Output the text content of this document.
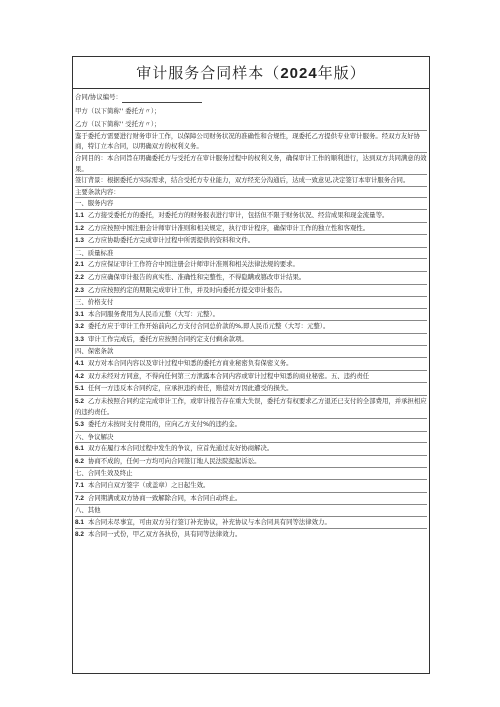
审计服务合同样本（2024年版）
合同/协议编号：
甲方（以下简称'' 委托方〃）；
乙方（以下简称'' 受托方〃）；
鉴于委托方需要进行财务审计工作，以保障公司财务状况的准确性和合规性，现委托乙方提供专业审计服务。经双方友好协商，特订立本合同，以明确双方的权利义务。
合同目的：本合同旨在明确委托方与受托方在审计服务过程中的权利义务，确保审计工作的顺利进行，达到双方共同满意的效果。
签订背景：根据委托方实际需求，结合受托方专业能力，双方经充分沟通后，达成一致意见,决定签订本审计服务合同。
主要条款内容：
一、服务内容
1.1 乙方接受委托方的委托，对委托方的财务报表进行审计，包括但不限于财务状况、经营成果和现金流量等。
1.2 乙方应按照中国注册会计师审计准则和相关规定，执行审计程序，确保审计工作的独立性和客观性。
1.3 乙方应协助委托方完成审计过程中所需提供的资料和文件。
二、质量标准
2.1 乙方应保证审计工作符合中国注册会计师审计准则和相关法律法规的要求。
2.2 乙方应确保审计报告的真实性、准确性和完整性，不得隐瞒或篡改审计结果。
2.3 乙方应按照约定的期限完成审计工作，并及时向委托方提交审计报告。
三、价格支付
3.1 本合同服务费用为人民币元整（大写：元整）。
3.2 委托方应于审计工作开始前向乙方支付合同总价款的%,即人民币元整（大写：元整）。
3.3 审计工作完成后，委托方应按照合同约定支付剩余款项。
四、保密条款
4.1 双方对本合同内容以及审计过程中知悉的委托方商业秘密负有保密义务。
4.2 双方未经对方同意，不得向任何第三方泄露本合同内容或审计过程中知悉的商业秘密。五、违约责任
5.1 任何一方违反本合同约定，应承担违约责任，赔偿对方因此遭受的损失。
5.2 乙方未按照合同约定完成审计工作，或审计报告存在重大失误，委托方有权要求乙方退还已支付的全部费用，并承担相应的违约责任。
5.3 委托方未按时支付费用的，应向乙方支付%的违约金。
六、争议解决
6.1 双方在履行本合同过程中发生的争议，应首先通过友好协商解决。
6.2 协商不成的，任何一方均可向合同签订地人民法院提起诉讼。
七、合同生效及终止
7.1 本合同自双方签字（或盖章）之日起生效。
7.2 合同期满或双方协商一致解除合同，本合同自动终止。
八、其他
8.1 本合同未尽事宜，可由双方另行签订补充协议，补充协议与本合同具有同等法律效力。
8.2 本合同一式份，甲乙双方各执份，具有同等法律效力。
